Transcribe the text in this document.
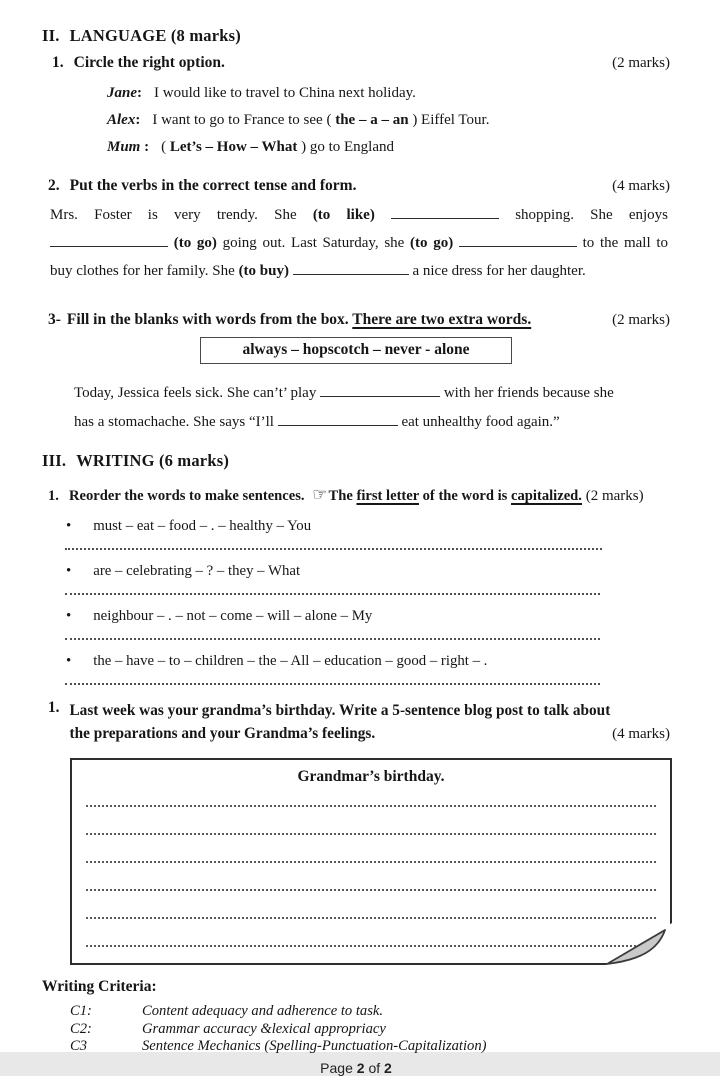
II. LANGUAGE (8 marks)
1. Circle the right option.	(2 marks)
Jane: I would like to travel to China next holiday.
Alex: I want to go to France to see ( the – a – an ) Eiffel Tour.
Mum : ( Let’s – How – What ) go to England
2. Put the verbs in the correct tense and form.	(4 marks)
Mrs. Foster is very trendy. She (to like)	shopping. She enjoys
(to go) going out. Last Saturday, she (to go)	to the mall to
buy clothes for her family. She (to buy)	a nice dress for her daughter.
3- Fill in the blanks with words from the box. There are two extra words.	(2 marks)
always – hopscotch – never - alone
Today, Jessica feels sick. She can’t’ play	with her friends because she
has a stomachache. She says “I’ll	eat unhealthy food again.”
III. WRITING (6 marks)
1. Reorder the words to make sentences. ☞The first letter of the word is capitalized. (2 marks)
• must – eat – food – . – healthy – You
• are – celebrating – ? – they – What
• neighbour – . – not – come – will – alone – My
• the – have – to – children – the – All – education – good – right – .
1. Last week was your grandma’s birthday. Write a 5-sentence blog post to talk about
the preparations and your Grandma’s feelings.	(4 marks)
Grandmar’s birthday.
Writing Criteria:
C1:	Content adequacy and adherence to task.
C2:	Grammar accuracy &lexical appropriacy
C3	Sentence Mechanics (Spelling-Punctuation-Capitalization)
Page 2 of 2
